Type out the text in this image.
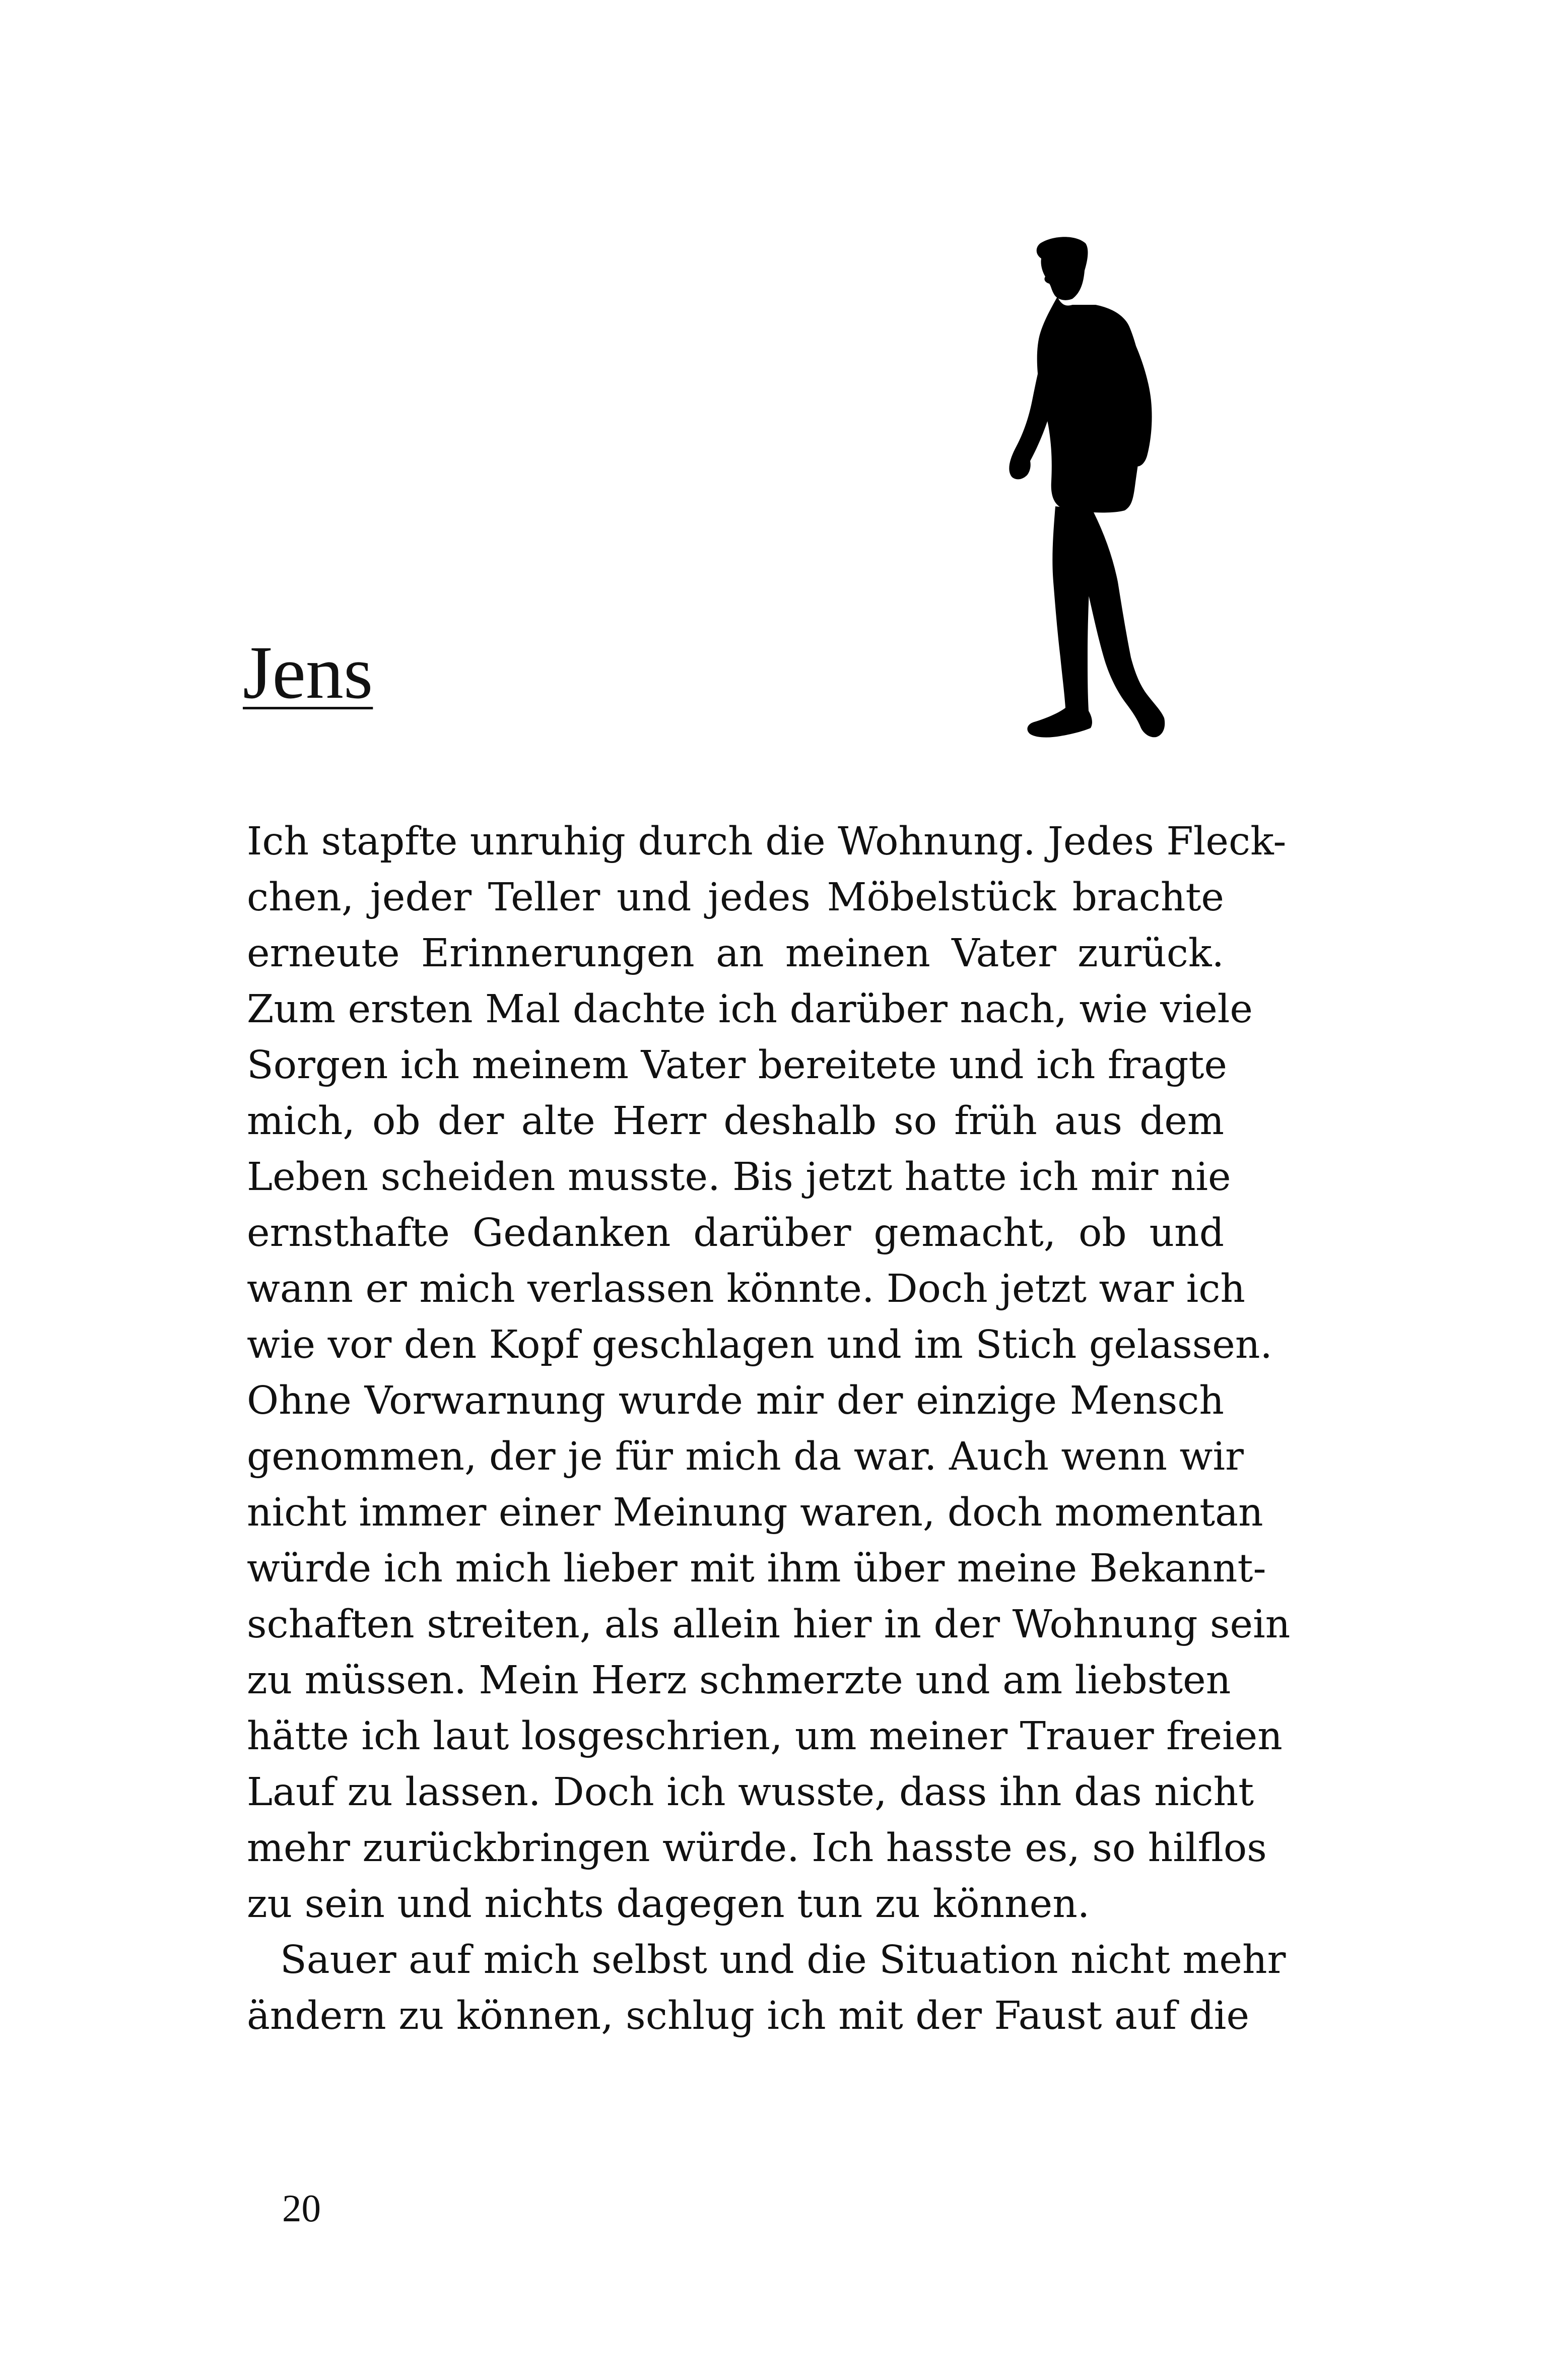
Jens

Ich stapfte unruhig durch die Wohnung. Jedes Fleck-
chen, jeder Teller und jedes Möbelstück brachte
erneute Erinnerungen an meinen Vater zurück.
Zum ersten Mal dachte ich darüber nach, wie viele
Sorgen ich meinem Vater bereitete und ich fragte
mich, ob der alte Herr deshalb so früh aus dem
Leben scheiden musste. Bis jetzt hatte ich mir nie
ernsthafte Gedanken darüber gemacht, ob und
wann er mich verlassen könnte. Doch jetzt war ich
wie vor den Kopf geschlagen und im Stich gelassen.
Ohne Vorwarnung wurde mir der einzige Mensch
genommen, der je für mich da war. Auch wenn wir
nicht immer einer Meinung waren, doch momentan
würde ich mich lieber mit ihm über meine Bekannt-
schaften streiten, als allein hier in der Wohnung sein
zu müssen. Mein Herz schmerzte und am liebsten
hätte ich laut losgeschrien, um meiner Trauer freien
Lauf zu lassen. Doch ich wusste, dass ihn das nicht
mehr zurückbringen würde. Ich hasste es, so hilflos
zu sein und nichts dagegen tun zu können.

Sauer auf mich selbst und die Situation nicht mehr
ändern zu können, schlug ich mit der Faust auf die

20
